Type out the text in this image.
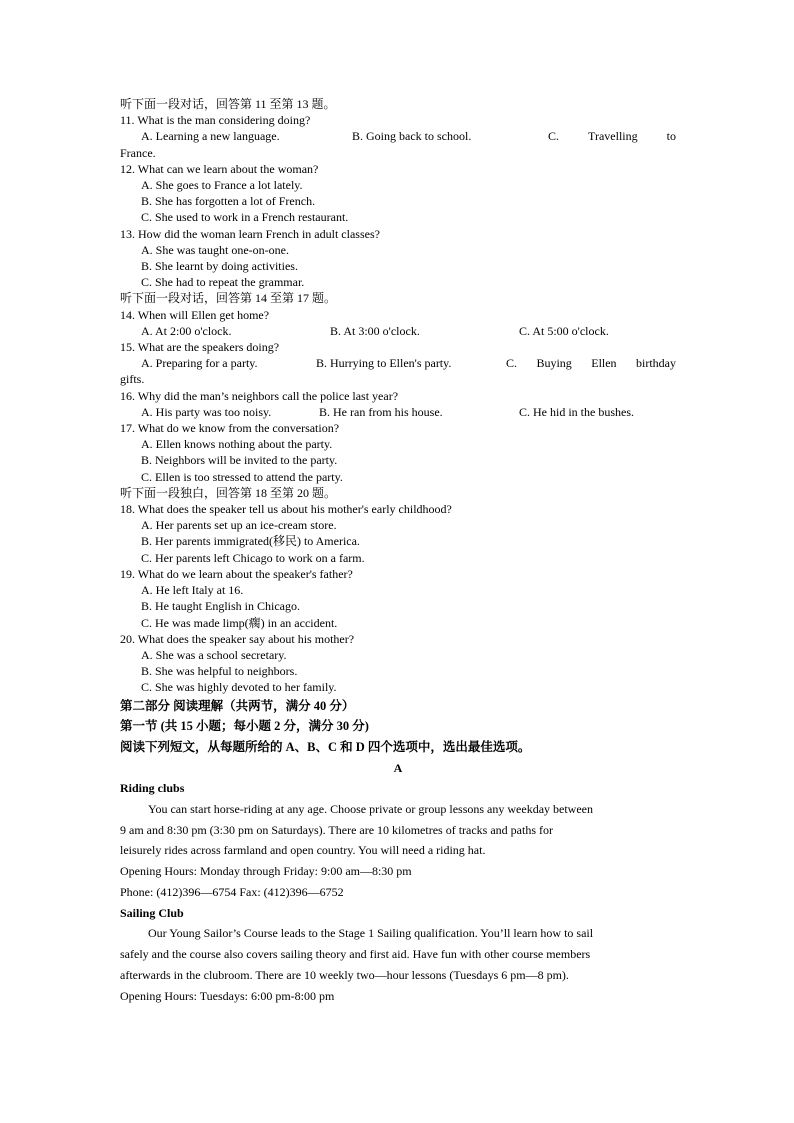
听下面一段对话，回答第 11 至第 13 题。
11. What is the man considering doing?
A. Learning a new language.	B. Going back to school.	C. Travelling to
France.
12. What can we learn about the woman?
A. She goes to France a lot lately.
B. She has forgotten a lot of French.
C. She used to work in a French restaurant.
13. How did the woman learn French in adult classes?
A. She was taught one-on-one.
B. She learnt by doing activities.
C. She had to repeat the grammar.
听下面一段对话，回答第 14 至第 17 题。
14. When will Ellen get home?
A. At 2:00 o'clock.	B. At 3:00 o'clock.	C. At 5:00 o'clock.
15. What are the speakers doing?
A. Preparing for a party.	B. Hurrying to Ellen's party.	C. Buying Ellen birthday
gifts.
16. Why did the man’s neighbors call the police last year?
A. His party was too noisy.	B. He ran from his house.	C. He hid in the bushes.
17. What do we know from the conversation?
A. Ellen knows nothing about the party.
B. Neighbors will be invited to the party.
C. Ellen is too stressed to attend the party.
听下面一段独白，回答第 18 至第 20 题。
18. What does the speaker tell us about his mother's early childhood?
A. Her parents set up an ice-cream store.
B. Her parents immigrated(移民) to America.
C. Her parents left Chicago to work on a farm.
19. What do we learn about the speaker's father?
A. He left Italy at 16.
B. He taught English in Chicago.
C. He was made limp(瘸) in an accident.
20. What does the speaker say about his mother?
A. She was a school secretary.
B. She was helpful to neighbors.
C. She was highly devoted to her family.
第二部分 阅读理解（共两节，满分 40 分）
第一节 (共 15 小题；每小题 2 分，满分 30 分)
阅读下列短文，从每题所给的 A、B、C 和 D 四个选项中，选出最佳选项。
A
Riding clubs
You can start horse-riding at any age. Choose private or group lessons any weekday between
9 am and 8:30 pm (3:30 pm on Saturdays). There are 10 kilometres of tracks and paths for
leisurely rides across farmland and open country. You will need a riding hat.
Opening Hours: Monday through Friday: 9:00 am—8:30 pm
Phone: (412)396—6754 Fax: (412)396—6752
Sailing Club
Our Young Sailor’s Course leads to the Stage 1 Sailing qualification. You’ll learn how to sail
safely and the course also covers sailing theory and first aid. Have fun with other course members
afterwards in the clubroom. There are 10 weekly two—hour lessons (Tuesdays 6 pm—8 pm).
Opening Hours: Tuesdays: 6:00 pm-8:00 pm
